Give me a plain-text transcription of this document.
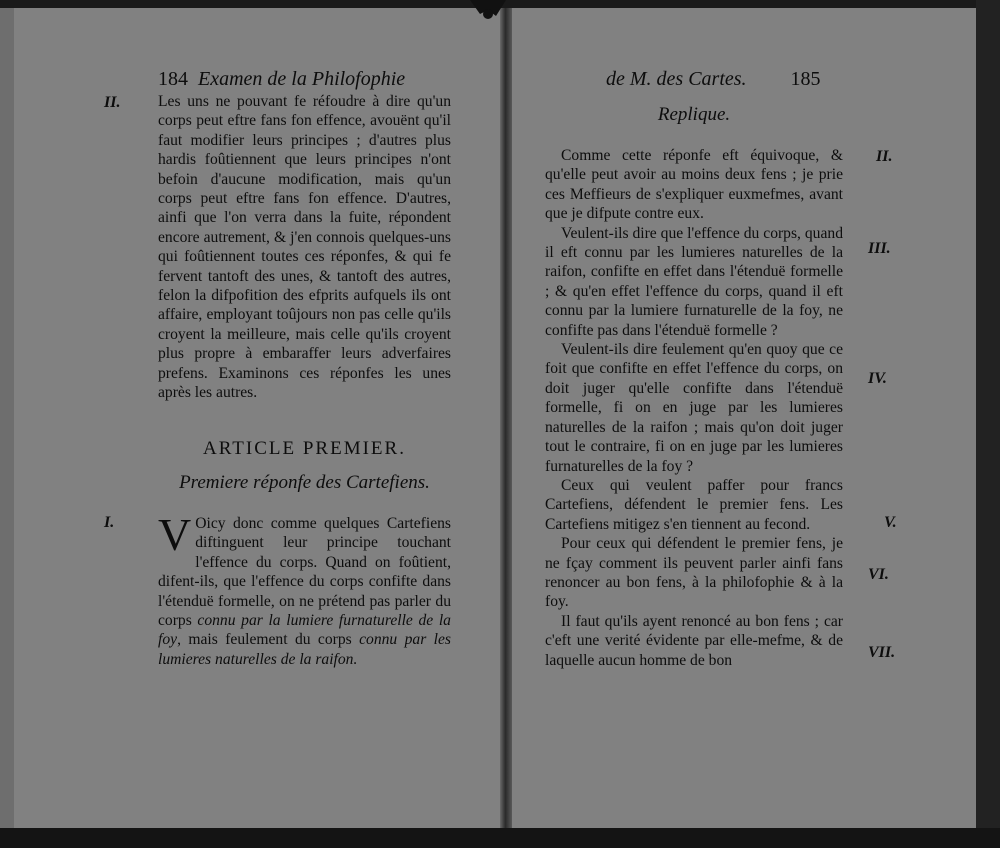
184 Examen de la Philofophie
II. Les uns ne pouvant fe réfoudre à dire qu'un corps peut eftre fans fon effence, avouënt qu'il faut modifier leurs principes ; d'autres plus hardis foûtiennent que leurs principes n'ont befoin d'aucune modification, mais qu'un corps peut eftre fans fon effence. D'autres, ainfi que l'on verra dans la fuite, répondent encore autrement, & j'en connois quelques-uns qui foûtiennent toutes ces réponfes, & qui fe fervent tantoft des unes, & tantoft des autres, felon la difpofition des efprits aufquels ils ont affaire, employant toûjours non pas celle qu'ils croyent la meilleure, mais celle qu'ils croyent plus propre à embaraffer leurs adverfaires prefens. Examinons ces réponfes les unes après les autres.

ARTICLE PREMIER.
Premiere réponfe des Cartefiens.
I. V Oicy donc comme quelques Cartefiens diftinguent leur principe touchant l'effence du corps. Quand on foûtient, difent-ils, que l'effence du corps confifte dans l'étenduë formelle, on ne prétend pas parler du corps connu par la lumiere furnaturelle de la foy, mais feulement du corps connu par les lumieres naturelles de la raifon.

de M. des Cartes. 185
Replique.
II.
III.
IV.
V.
VI.
VII.

Comme cette réponfe eft équivoque, & qu'elle peut avoir au moins deux fens ; je prie ces Meffieurs de s'expliquer euxmefmes, avant que je difpute contre eux.

Veulent-ils dire que l'effence du corps, quand il eft connu par les lumieres naturelles de la raifon, confifte en effet dans l'étenduë formelle ; & qu'en effet l'effence du corps, quand il eft connu par la lumiere furnaturelle de la foy, ne confifte pas dans l'étenduë formelle ?

Veulent-ils dire feulement qu'en quoy que ce foit que confifte en effet l'effence du corps, on doit juger qu'elle confifte dans l'étenduë formelle, fi on en juge par les lumieres naturelles de la raifon ; mais qu'on doit juger tout le contraire, fi on en juge par les lumieres furnaturelles de la foy ?

Ceux qui veulent paffer pour francs Cartefiens, défendent le premier fens. Les Cartefiens mitigez s'en tiennent au fecond.

Pour ceux qui défendent le premier fens, je ne fçay comment ils peuvent parler ainfi fans renoncer au bon fens, à la philofophie & à la foy.

Il faut qu'ils ayent renoncé au bon fens ; car c'eft une verité évidente par elle-mefme, & de laquelle aucun homme de bon
